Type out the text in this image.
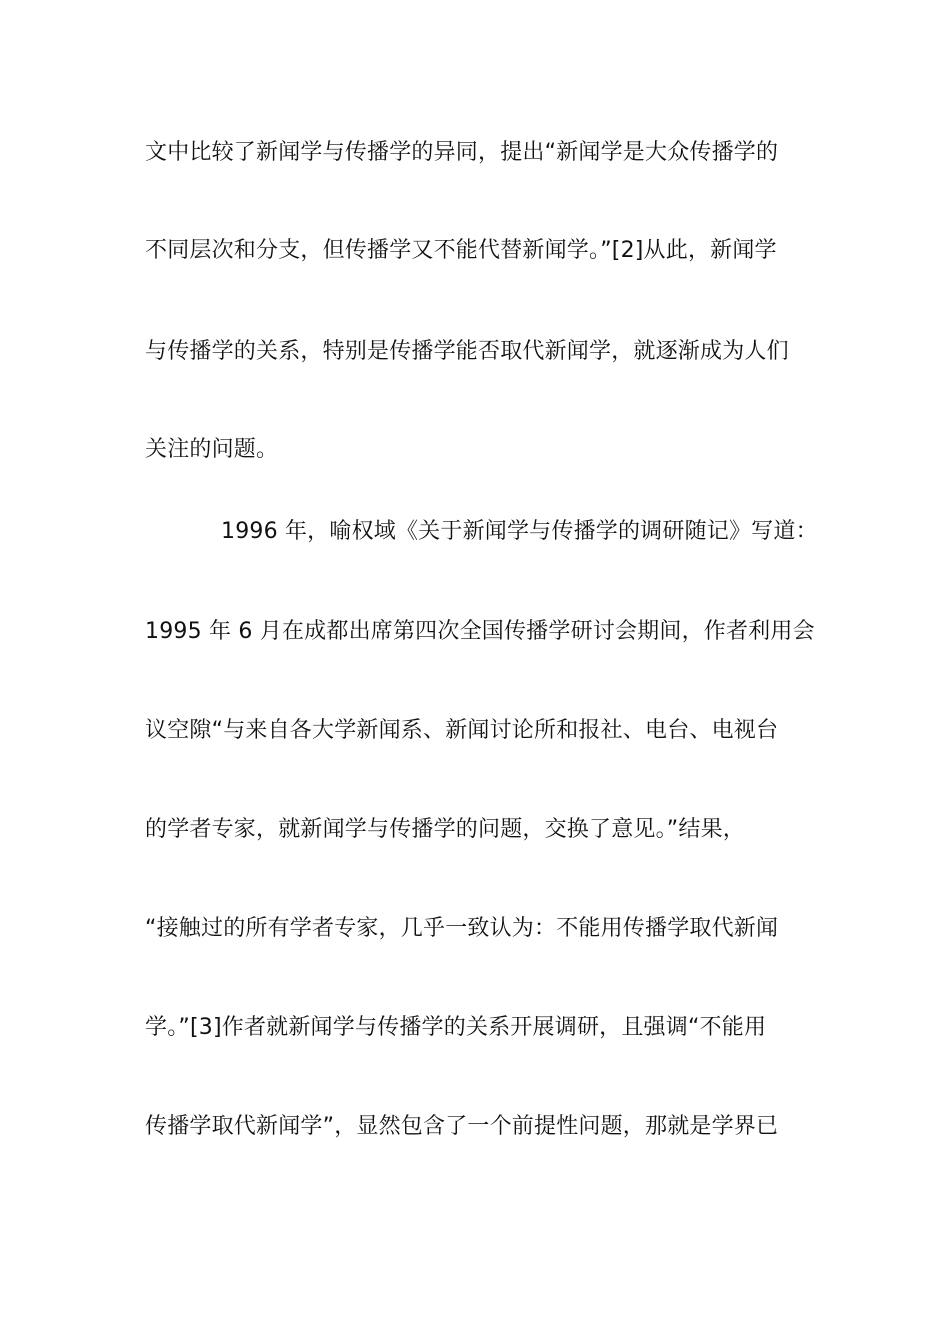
文中比较了新闻学与传播学的异同，提出“新闻学是大众传播学的
不同层次和分支，但传播学又不能代替新闻学。”[2]从此，新闻学
与传播学的关系，特别是传播学能否取代新闻学，就逐渐成为人们
关注的问题。
1996 年，喻权域《关于新闻学与传播学的调研随记》写道：
1995 年 6 月在成都出席第四次全国传播学研讨会期间，作者利用会
议空隙“与来自各大学新闻系、新闻讨论所和报社、电台、电视台
的学者专家，就新闻学与传播学的问题，交换了意见。”结果，
“接触过的所有学者专家，几乎一致认为：不能用传播学取代新闻
学。”[3]作者就新闻学与传播学的关系开展调研，且强调“不能用
传播学取代新闻学”，显然包含了一个前提性问题，那就是学界已
